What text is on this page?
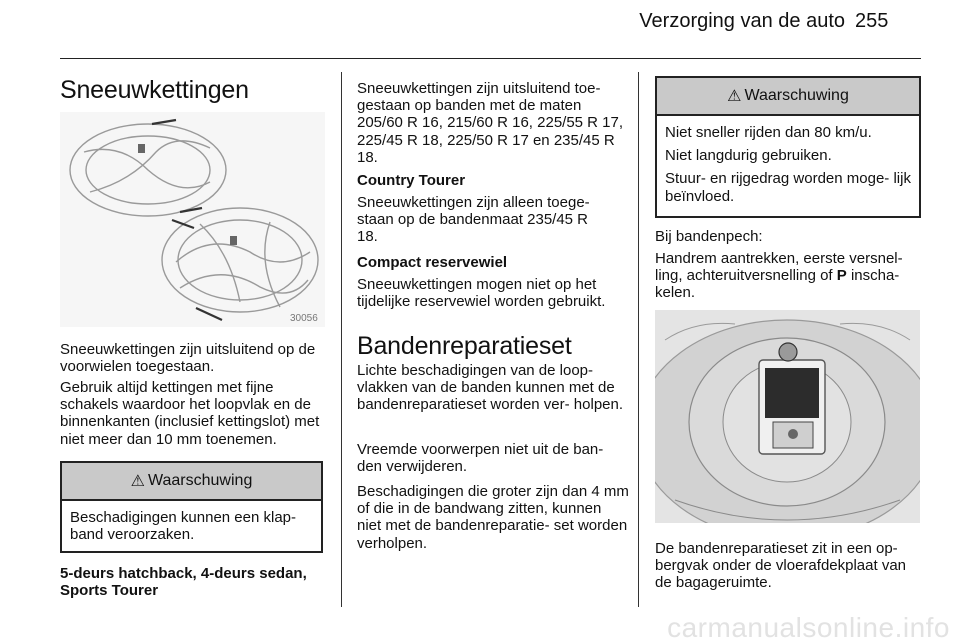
Verzorging van de auto 255
Sneeuwkettingen
30056

Sneeuwkettingen zijn uitsluitend op de voorwielen toegestaan.

Gebruik altijd kettingen met fijne schakels waardoor het loopvlak en de binnenkanten (inclusief kettingslot) met niet meer dan 10 mm toenemen.

⚠ Waarschuwing

Beschadigingen kunnen een klap- band veroorzaken.

5-deurs hatchback, 4-deurs sedan, Sports Tourer

Sneeuwkettingen zijn uitsluitend toe- gestaan op banden met de maten 205/60 R 16, 215/60 R 16, 225/55 R 17, 225/45 R 18, 225/50 R 17 en 235/45 R 18.

Country Tourer

Sneeuwkettingen zijn alleen toege- staan op de bandenmaat 235/45 R 18.

Compact reservewiel

Sneeuwkettingen mogen niet op het tijdelijke reservewiel worden gebruikt.

Bandenreparatieset

Lichte beschadigingen van de loop- vlakken van de banden kunnen met de bandenreparatieset worden ver- holpen.

Vreemde voorwerpen niet uit de ban- den verwijderen.

Beschadigingen die groter zijn dan 4 mm of die in de bandwang zitten, kunnen niet met de bandenreparatie- set worden verholpen.

⚠ Waarschuwing

Niet sneller rijden dan 80 km/u.

Niet langdurig gebruiken.

Stuur- en rijgedrag worden moge- lijk beïnvloed.

Bij bandenpech:

Handrem aantrekken, eerste versnel- ling, achteruitversnelling of P inscha- kelen.

De bandenreparatieset zit in een op- bergvak onder de vloerafdekplaat van de bagageruimte.

carmanualsonline.info
